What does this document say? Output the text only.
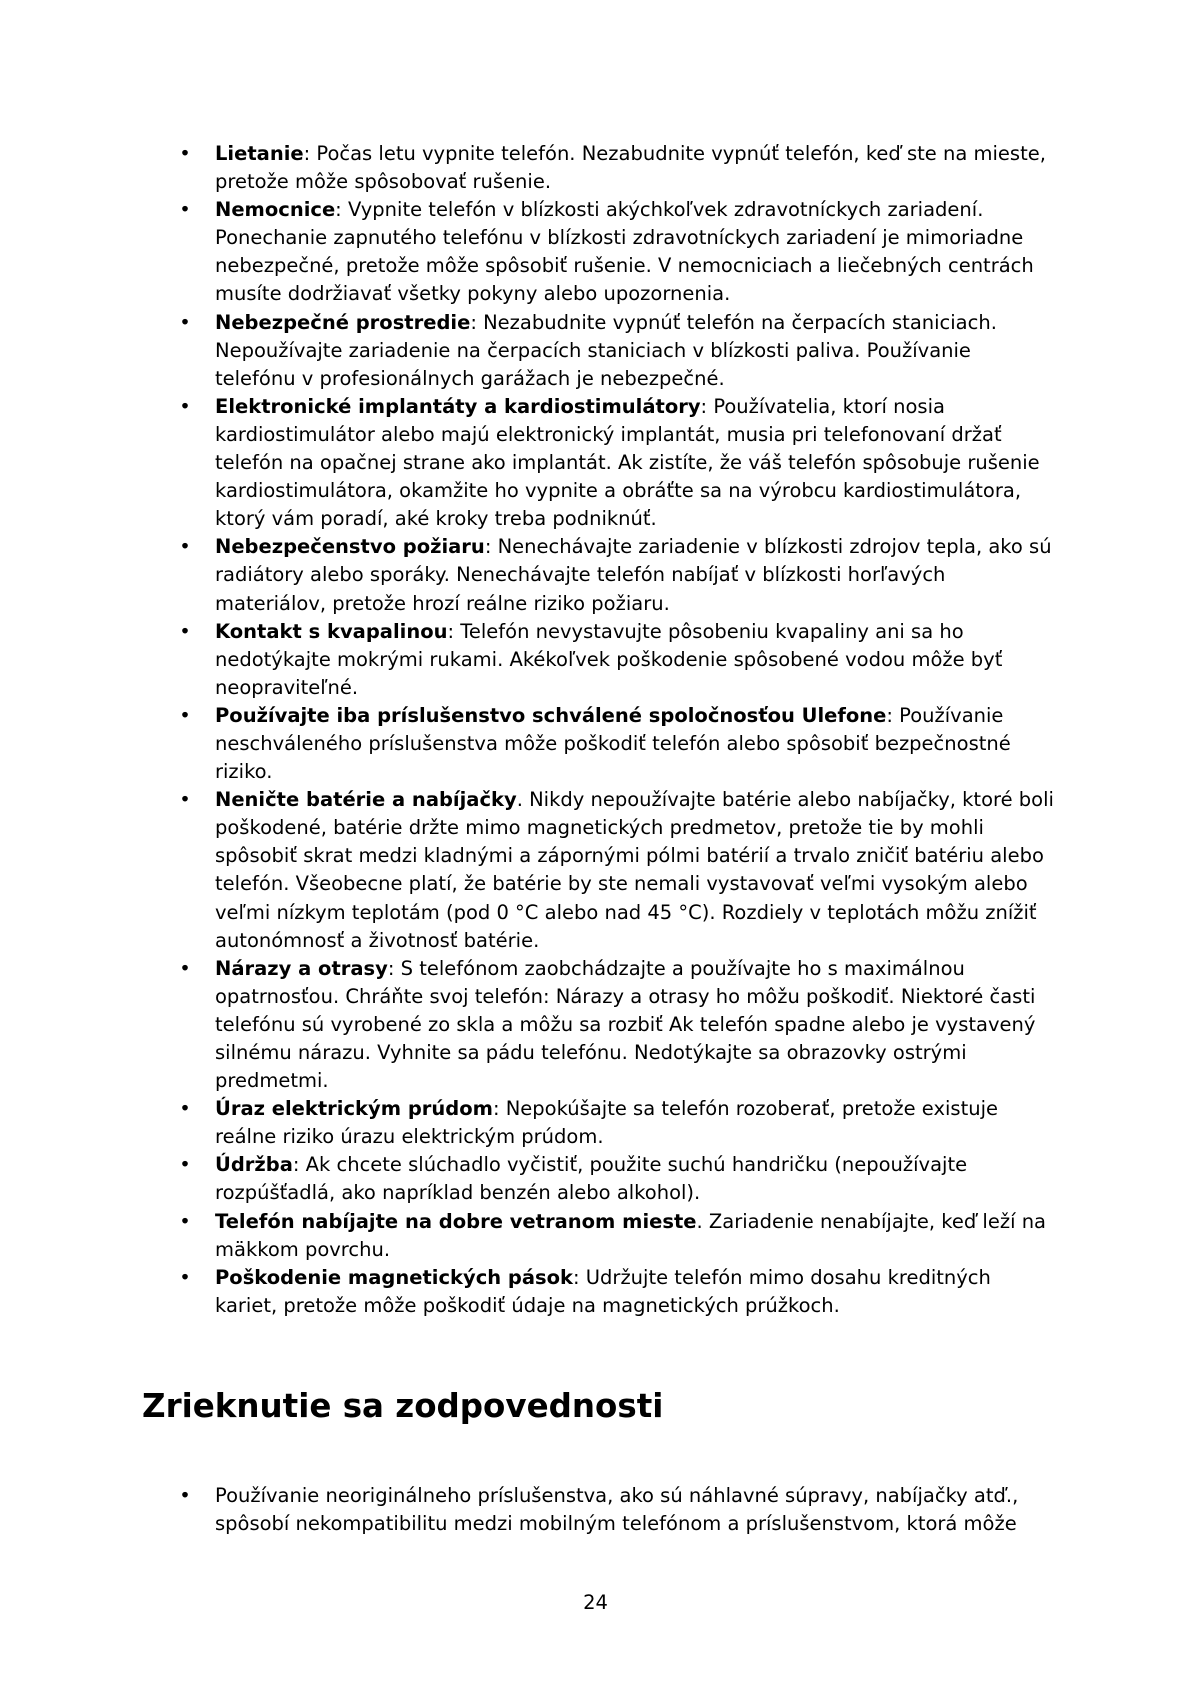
• Lietanie: Počas letu vypnite telefón. Nezabudnite vypnúť telefón, keď ste na mieste, pretože môže spôsobovať rušenie.
• Nemocnice: Vypnite telefón v blízkosti akýchkoľvek zdravotníckych zariadení. Ponechanie zapnutého telefónu v blízkosti zdravotníckych zariadení je mimoriadne nebezpečné, pretože môže spôsobiť rušenie. V nemocniciach a liečebných centrách musíte dodržiavať všetky pokyny alebo upozornenia.
• Nebezpečné prostredie: Nezabudnite vypnúť telefón na čerpacích staniciach. Nepoužívajte zariadenie na čerpacích staniciach v blízkosti paliva. Používanie telefónu v profesionálnych garážach je nebezpečné.
• Elektronické implantáty a kardiostimulátory: Používatelia, ktorí nosia kardiostimulátor alebo majú elektronický implantát, musia pri telefonovaní držať telefón na opačnej strane ako implantát. Ak zistíte, že váš telefón spôsobuje rušenie kardiostimulátora, okamžite ho vypnite a obráťte sa na výrobcu kardiostimulátora, ktorý vám poradí, aké kroky treba podniknúť.
• Nebezpečenstvo požiaru: Nenechávajte zariadenie v blízkosti zdrojov tepla, ako sú radiátory alebo sporáky. Nenechávajte telefón nabíjať v blízkosti horľavých materiálov, pretože hrozí reálne riziko požiaru.
• Kontakt s kvapalinou: Telefón nevystavujte pôsobeniu kvapaliny ani sa ho nedotýkajte mokrými rukami. Akékoľvek poškodenie spôsobené vodou môže byť neopraviteľné.
• Používajte iba príslušenstvo schválené spoločnosťou Ulefone: Používanie neschváleného príslušenstva môže poškodiť telefón alebo spôsobiť bezpečnostné riziko.
• Neničte batérie a nabíjačky. Nikdy nepoužívajte batérie alebo nabíjačky, ktoré boli poškodené, batérie držte mimo magnetických predmetov, pretože tie by mohli spôsobiť skrat medzi kladnými a zápornými pólmi batérií a trvalo zničiť batériu alebo telefón. Všeobecne platí, že batérie by ste nemali vystavovať veľmi vysokým alebo veľmi nízkym teplotám (pod 0 °C alebo nad 45 °C). Rozdiely v teplotách môžu znížiť autonómnosť a životnosť batérie.
• Nárazy a otrasy: S telefónom zaobchádzajte a používajte ho s maximálnou opatrnosťou. Chráňte svoj telefón: Nárazy a otrasy ho môžu poškodiť. Niektoré časti telefónu sú vyrobené zo skla a môžu sa rozbiť Ak telefón spadne alebo je vystavený silnému nárazu. Vyhnite sa pádu telefónu. Nedotýkajte sa obrazovky ostrými predmetmi.
• Úraz elektrickým prúdom: Nepokúšajte sa telefón rozoberať, pretože existuje reálne riziko úrazu elektrickým prúdom.
• Údržba: Ak chcete slúchadlo vyčistiť, použite suchú handričku (nepoužívajte rozpúšťadlá, ako napríklad benzén alebo alkohol).
• Telefón nabíjajte na dobre vetranom mieste. Zariadenie nenabíjajte, keď leží na mäkkom povrchu.
• Poškodenie magnetických pások: Udržujte telefón mimo dosahu kreditných kariet, pretože môže poškodiť údaje na magnetických prúžkoch.
Zrieknutie sa zodpovednosti
• Používanie neoriginálneho príslušenstva, ako sú náhlavné súpravy, nabíjačky atď., spôsobí nekompatibilitu medzi mobilným telefónom a príslušenstvom, ktorá môže
24
